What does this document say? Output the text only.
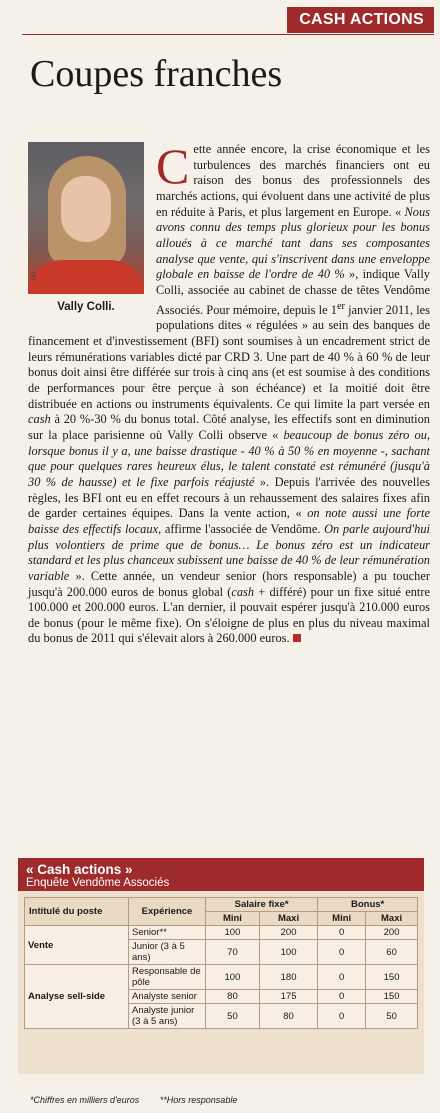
CASH ACTIONS
Coupes franches
DR
Vally Colli.

Cette année encore, la crise économique et les turbulences des marchés financiers ont eu raison des bonus des professionnels des marchés actions, qui évoluent dans une activité de plus en réduite à Paris, et plus largement en Europe. « Nous avons connu des temps plus glorieux pour les bonus alloués à ce marché tant dans ses composantes analyse que vente, qui s'inscrivent dans une enveloppe globale en baisse de l'ordre de 40 % », indique Vally Colli, associée au cabinet de chasse de têtes Vendôme Associés. Pour mémoire, depuis le 1er janvier 2011, les populations dites « régulées » au sein des banques de financement et d'investissement (BFI) sont soumises à un encadrement strict de leurs rémunérations variables dicté par CRD 3. Une part de 40 % à 60 % de leur bonus doit ainsi être différée sur trois à cinq ans (et est soumise à des conditions de performances pour être perçue à son échéance) et la moitié doit être distribuée en actions ou instruments équivalents. Ce qui limite la part versée en cash à 20 %-30 % du bonus total. Côté analyse, les effectifs sont en diminution sur la place parisienne où Vally Colli observe « beaucoup de bonus zéro ou, lorsque bonus il y a, une baisse drastique - 40 % à 50 % en moyenne -, sachant que pour quelques rares heureux élus, le talent constaté est rémunéré (jusqu'à 30 % de hausse) et le fixe parfois réajusté ». Depuis l'arrivée des nouvelles règles, les BFI ont eu en effet recours à un rehaussement des salaires fixes afin de garder certaines équipes. Dans la vente action, « on note aussi une forte baisse des effectifs locaux, affirme l'associée de Vendôme. On parle aujourd'hui plus volontiers de prime que de bonus… Le bonus zéro est un indicateur standard et les plus chanceux subissent une baisse de 40 % de leur rémunération variable ». Cette année, un vendeur senior (hors responsable) a pu toucher jusqu'à 200.000 euros de bonus global (cash + différé) pour un fixe situé entre 100.000 et 200.000 euros. L'an dernier, il pouvait espérer jusqu'à 210.000 euros de bonus (pour le même fixe). On s'éloigne de plus en plus du niveau maximal du bonus de 2011 qui s'élevait alors à 260.000 euros.

« Cash actions »
Enquête Vendôme Associés
Intitulé du poste	Expérience	Salaire fixe*		Bonus*	
		Mini	Maxi	Mini	Maxi
Vente	Senior**	100	200	0	200
	Junior (3 à 5 ans)	70	100	0	60
Analyse sell-side	Responsable de pôle	100	180	0	150
	Analyste senior	80	175	0	150
	Analyste junior (3 à 5 ans)	50	80	0	50
*Chiffres en milliers d'euros **Hors responsable
